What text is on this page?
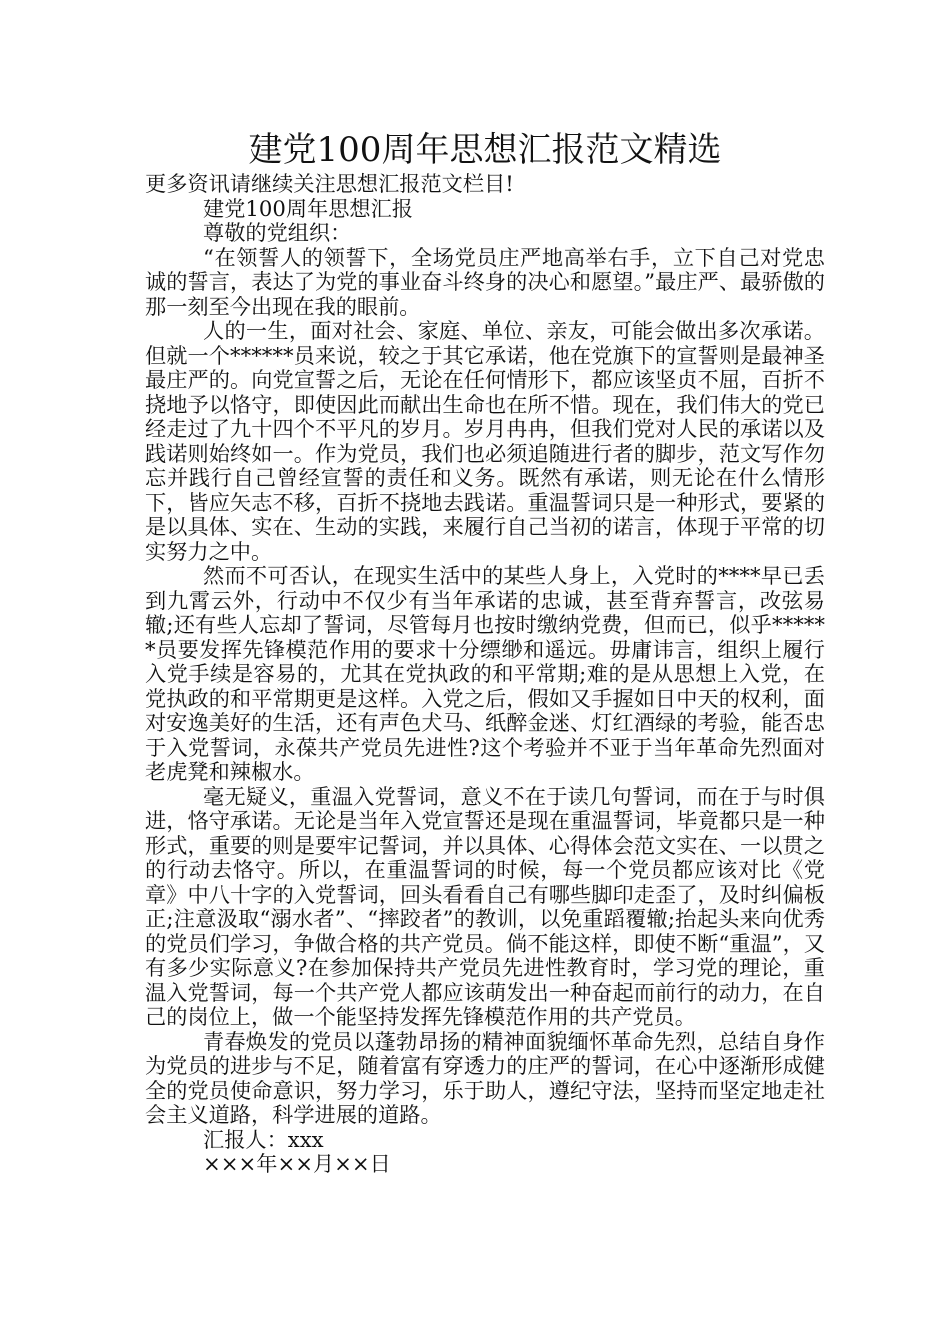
建党100周年思想汇报范文精选

更多资讯请继续关注思想汇报范文栏目!

建党100周年思想汇报

尊敬的党组织：

“在领誓人的领誓下，全场党员庄严地高举右手，立下自己对党忠诚的誓言，表达了为党的事业奋斗终身的决心和愿望。”最庄严、最骄傲的那一刻至今出现在我的眼前。

人的一生，面对社会、家庭、单位、亲友，可能会做出多次承诺。但就一个******员来说，较之于其它承诺，他在党旗下的宣誓则是最神圣最庄严的。向党宣誓之后，无论在任何情形下，都应该坚贞不屈，百折不挠地予以恪守，即使因此而献出生命也在所不惜。现在，我们伟大的党已经走过了九十四个不平凡的岁月。岁月冉冉，但我们党对人民的承诺以及践诺则始终如一。作为党员，我们也必须追随进行者的脚步，范文写作勿忘并践行自己曾经宣誓的责任和义务。既然有承诺，则无论在什么情形下，皆应矢志不移，百折不挠地去践诺。重温誓词只是一种形式，要紧的是以具体、实在、生动的实践，来履行自己当初的诺言，体现于平常的切实努力之中。

然而不可否认，在现实生活中的某些人身上，入党时的****早已丢到九霄云外，行动中不仅少有当年承诺的忠诚，甚至背弃誓言，改弦易辙;还有些人忘却了誓词，尽管每月也按时缴纳党费，但而已，似乎******员要发挥先锋模范作用的要求十分缥缈和遥远。毋庸讳言，组织上履行入党手续是容易的，尤其在党执政的和平常期;难的是从思想上入党，在党执政的和平常期更是这样。入党之后，假如又手握如日中天的权利，面对安逸美好的生活，还有声色犬马、纸醉金迷、灯红酒绿的考验，能否忠于入党誓词，永葆共产党员先进性?这个考验并不亚于当年革命先烈面对老虎凳和辣椒水。

毫无疑义，重温入党誓词，意义不在于读几句誓词，而在于与时俱进，恪守承诺。无论是当年入党宣誓还是现在重温誓词，毕竟都只是一种形式，重要的则是要牢记誓词，并以具体、心得体会范文实在、一以贯之的行动去恪守。所以，在重温誓词的时候，每一个党员都应该对比《党章》中八十字的入党誓词，回头看看自己有哪些脚印走歪了，及时纠偏板正;注意汲取“溺水者”、“摔跤者”的教训，以免重蹈覆辙;抬起头来向优秀的党员们学习，争做合格的共产党员。倘不能这样，即使不断“重温”，又有多少实际意义?在参加保持共产党员先进性教育时，学习党的理论，重温入党誓词，每一个共产党人都应该萌发出一种奋起而前行的动力，在自己的岗位上，做一个能坚持发挥先锋模范作用的共产党员。

青春焕发的党员以蓬勃昂扬的精神面貌缅怀革命先烈，总结自身作为党员的进步与不足，随着富有穿透力的庄严的誓词，在心中逐渐形成健全的党员使命意识，努力学习，乐于助人，遵纪守法，坚持而坚定地走社会主义道路，科学进展的道路。

汇报人：xxx

×××年××月××日
